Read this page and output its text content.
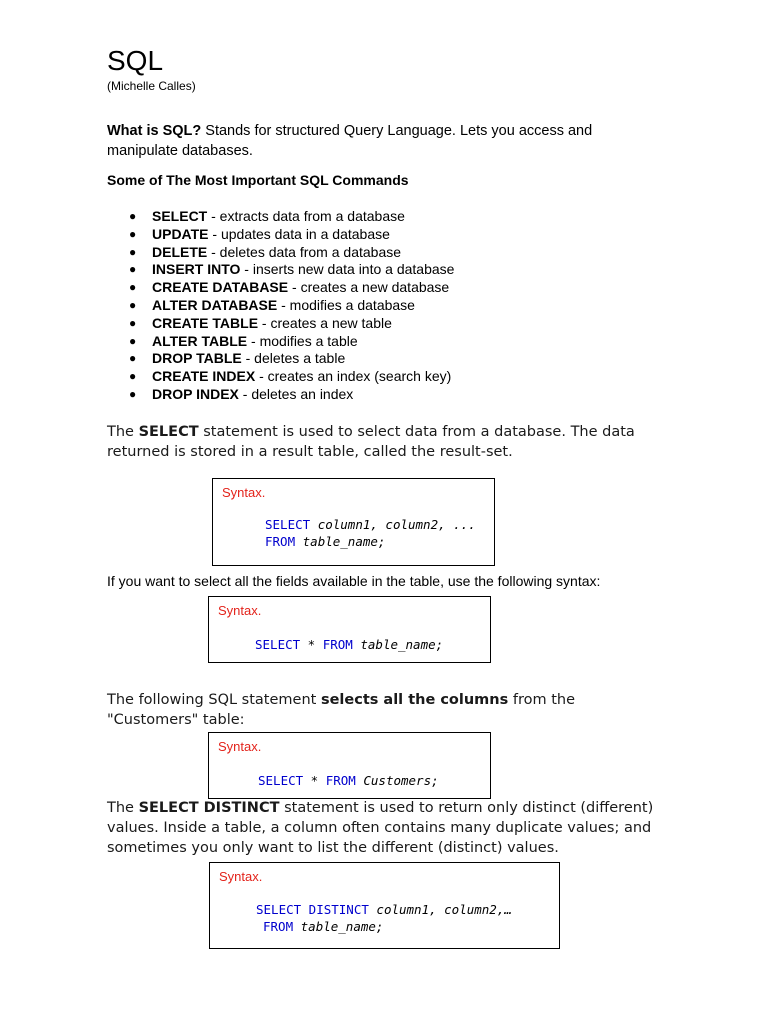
SQL
(Michelle Calles)
What is SQL? Stands for structured Query Language. Lets you access and manipulate databases.
Some of The Most Important SQL Commands
● SELECT - extracts data from a database
● UPDATE - updates data in a database
● DELETE - deletes data from a database
● INSERT INTO - inserts new data into a database
● CREATE DATABASE - creates a new database
● ALTER DATABASE - modifies a database
● CREATE TABLE - creates a new table
● ALTER TABLE - modifies a table
● DROP TABLE - deletes a table
● CREATE INDEX - creates an index (search key)
● DROP INDEX - deletes an index
The SELECT statement is used to select data from a database. The data returned is stored in a result table, called the result-set.
Syntax.
SELECT column1, column2, ...
FROM table_name;
If you want to select all the fields available in the table, use the following syntax:
Syntax.
SELECT * FROM table_name;
The following SQL statement selects all the columns from the "Customers" table:
Syntax.
SELECT * FROM Customers;
The SELECT DISTINCT statement is used to return only distinct (different) values. Inside a table, a column often contains many duplicate values; and sometimes you only want to list the different (distinct) values.
Syntax.
SELECT DISTINCT column1, column2,…
FROM table_name;
